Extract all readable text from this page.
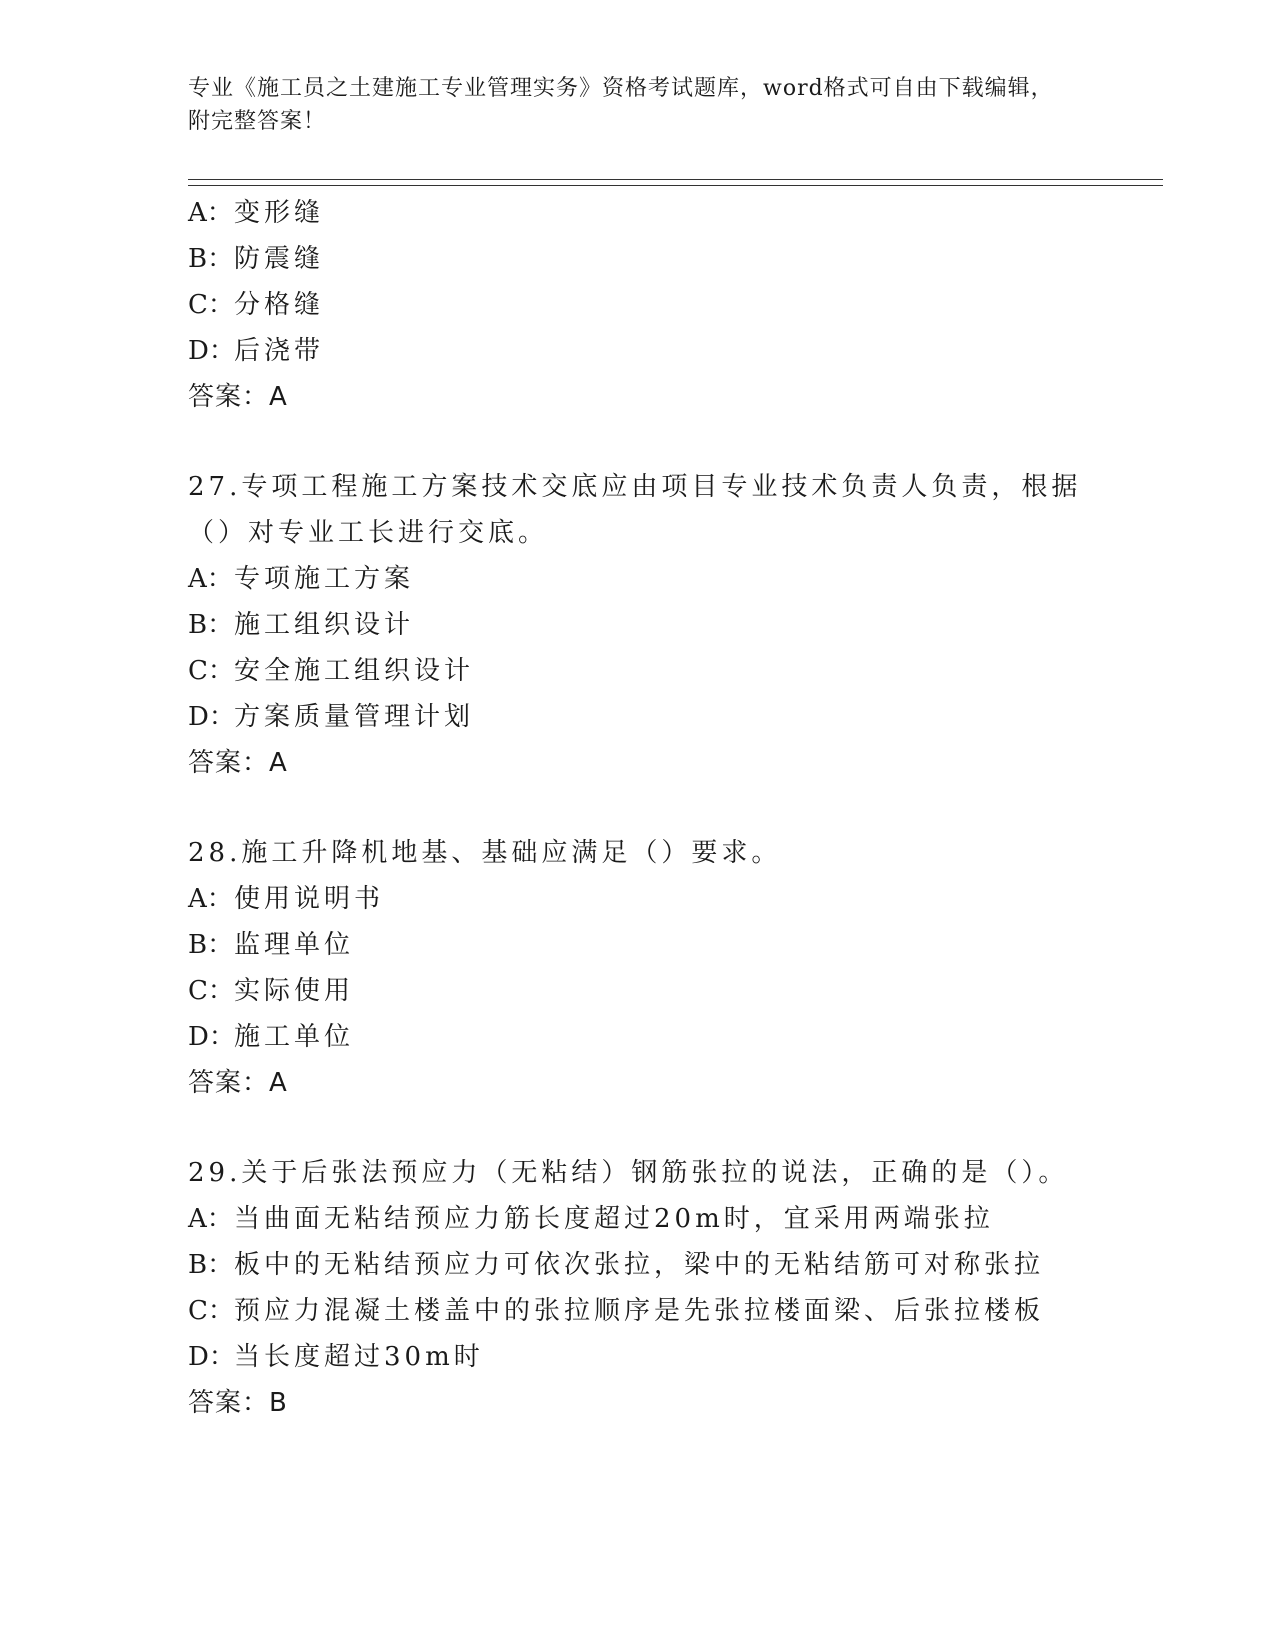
专业《施工员之土建施工专业管理实务》资格考试题库，word格式可自由下载编辑，附完整答案！
A：变形缝
B：防震缝
C：分格缝
D：后浇带
答案：A
27.专项工程施工方案技术交底应由项目专业技术负责人负责，根据（）对专业工长进行交底。
A：专项施工方案
B：施工组织设计
C：安全施工组织设计
D：方案质量管理计划
答案：A
28.施工升降机地基、基础应满足（）要求。
A：使用说明书
B：监理单位
C：实际使用
D：施工单位
答案：A
29.关于后张法预应力（无粘结）钢筋张拉的说法，正确的是（）。
A：当曲面无粘结预应力筋长度超过20m时，宜采用两端张拉
B：板中的无粘结预应力可依次张拉，梁中的无粘结筋可对称张拉
C：预应力混凝土楼盖中的张拉顺序是先张拉楼面梁、后张拉楼板
D：当长度超过30m时
答案：B
